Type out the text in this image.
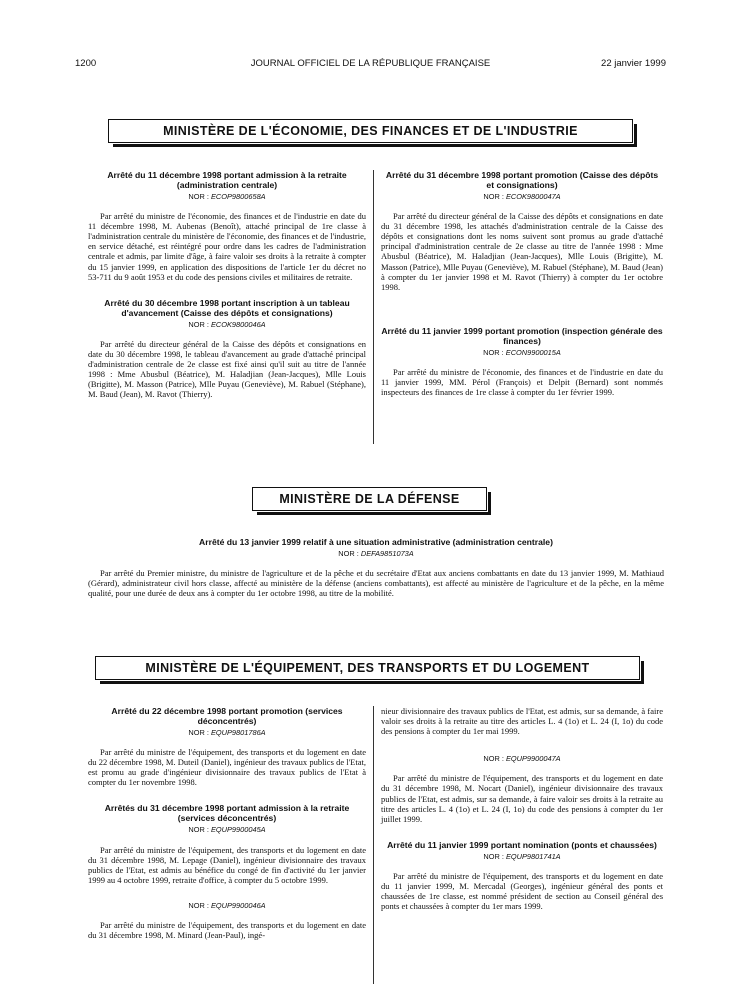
1200	JOURNAL OFFICIEL DE LA RÉPUBLIQUE FRANÇAISE	22 janvier 1999
MINISTÈRE DE L'ÉCONOMIE, DES FINANCES ET DE L'INDUSTRIE
Arrêté du 11 décembre 1998 portant admission à la retraite (administration centrale)
NOR : ECOP9800658A
Par arrêté du ministre de l'économie, des finances et de l'industrie en date du 11 décembre 1998, M. Aubenas (Benoît), attaché principal de 1re classe à l'administration centrale du ministère de l'économie, des finances et de l'industrie, en service détaché, est réintégré pour ordre dans les cadres de l'administration centrale et admis, par limite d'âge, à faire valoir ses droits à la retraite à compter du 15 janvier 1999, en application des dispositions de l'article 1er du décret no 53-711 du 9 août 1953 et du code des pensions civiles et militaires de retraite.
Arrêté du 30 décembre 1998 portant inscription à un tableau d'avancement (Caisse des dépôts et consignations)
NOR : ECOK9800046A
Par arrêté du directeur général de la Caisse des dépôts et consignations en date du 30 décembre 1998, le tableau d'avancement au grade d'attaché principal d'administration centrale de 2e classe est fixé ainsi qu'il suit au titre de l'année 1998 : Mme Abusbul (Béatrice), M. Haladjian (Jean-Jacques), Mlle Louis (Brigitte), M. Masson (Patrice), Mlle Puyau (Geneviève), M. Rabuel (Stéphane), M. Baud (Jean), M. Ravot (Thierry).
Arrêté du 31 décembre 1998 portant promotion (Caisse des dépôts et consignations)
NOR : ECOK9800047A
Par arrêté du directeur général de la Caisse des dépôts et consignations en date du 31 décembre 1998, les attachés d'administration centrale de la Caisse des dépôts et consignations dont les noms suivent sont promus au grade d'attaché principal d'administration centrale de 2e classe au titre de l'année 1998 : Mme Abusbul (Béatrice), M. Haladjian (Jean-Jacques), Mlle Louis (Brigitte), M. Masson (Patrice), Mlle Puyau (Geneviève), M. Rabuel (Stéphane), M. Baud (Jean) à compter du 1er janvier 1998 et M. Ravot (Thierry) à compter du 1er octobre 1998.
Arrêté du 11 janvier 1999 portant promotion (inspection générale des finances)
NOR : ECON9900015A
Par arrêté du ministre de l'économie, des finances et de l'industrie en date du 11 janvier 1999, MM. Pérol (François) et Delpit (Bernard) sont nommés inspecteurs des finances de 1re classe à compter du 1er février 1999.
MINISTÈRE DE LA DÉFENSE
Arrêté du 13 janvier 1999 relatif à une situation administrative (administration centrale)
NOR : DEFA9851073A
Par arrêté du Premier ministre, du ministre de l'agriculture et de la pêche et du secrétaire d'Etat aux anciens combattants en date du 13 janvier 1999, M. Mathiaud (Gérard), administrateur civil hors classe, affecté au ministère de la défense (anciens combattants), est affecté au ministère de l'agriculture et de la pêche, en la même qualité, pour une durée de deux ans à compter du 1er octobre 1998, au titre de la mobilité.
MINISTÈRE DE L'ÉQUIPEMENT, DES TRANSPORTS ET DU LOGEMENT
Arrêté du 22 décembre 1998 portant promotion (services déconcentrés)
NOR : EQUP9801786A
Par arrêté du ministre de l'équipement, des transports et du logement en date du 22 décembre 1998, M. Duteil (Daniel), ingénieur des travaux publics de l'Etat, est promu au grade d'ingénieur divisionnaire des travaux publics de l'Etat à compter du 1er novembre 1998.
Arrêtés du 31 décembre 1998 portant admission à la retraite (services déconcentrés)
NOR : EQUP9900045A
Par arrêté du ministre de l'équipement, des transports et du logement en date du 31 décembre 1998, M. Lepage (Daniel), ingénieur divisionnaire des travaux publics de l'Etat, est admis au bénéfice du congé de fin d'activité du 1er janvier 1999 au 4 octobre 1999, retraite d'office, à compter du 5 octobre 1999.
NOR : EQUP9900046A
Par arrêté du ministre de l'équipement, des transports et du logement en date du 31 décembre 1998, M. Minard (Jean-Paul), ingé-
nieur divisionnaire des travaux publics de l'Etat, est admis, sur sa demande, à faire valoir ses droits à la retraite au titre des articles L. 4 (1o) et L. 24 (I, 1o) du code des pensions à compter du 1er mai 1999.
NOR : EQUP9900047A
Par arrêté du ministre de l'équipement, des transports et du logement en date du 31 décembre 1998, M. Nocart (Daniel), ingénieur divisionnaire des travaux publics de l'Etat, est admis, sur sa demande, à faire valoir ses droits à la retraite au titre des articles L. 4 (1o) et L. 24 (I, 1o) du code des pensions à compter du 1er juillet 1999.
Arrêté du 11 janvier 1999 portant nomination (ponts et chaussées)
NOR : EQUP9801741A
Par arrêté du ministre de l'équipement, des transports et du logement en date du 11 janvier 1999, M. Mercadal (Georges), ingénieur général des ponts et chaussées de 1re classe, est nommé président de section au Conseil général des ponts et chaussées à compter du 1er mars 1999.
